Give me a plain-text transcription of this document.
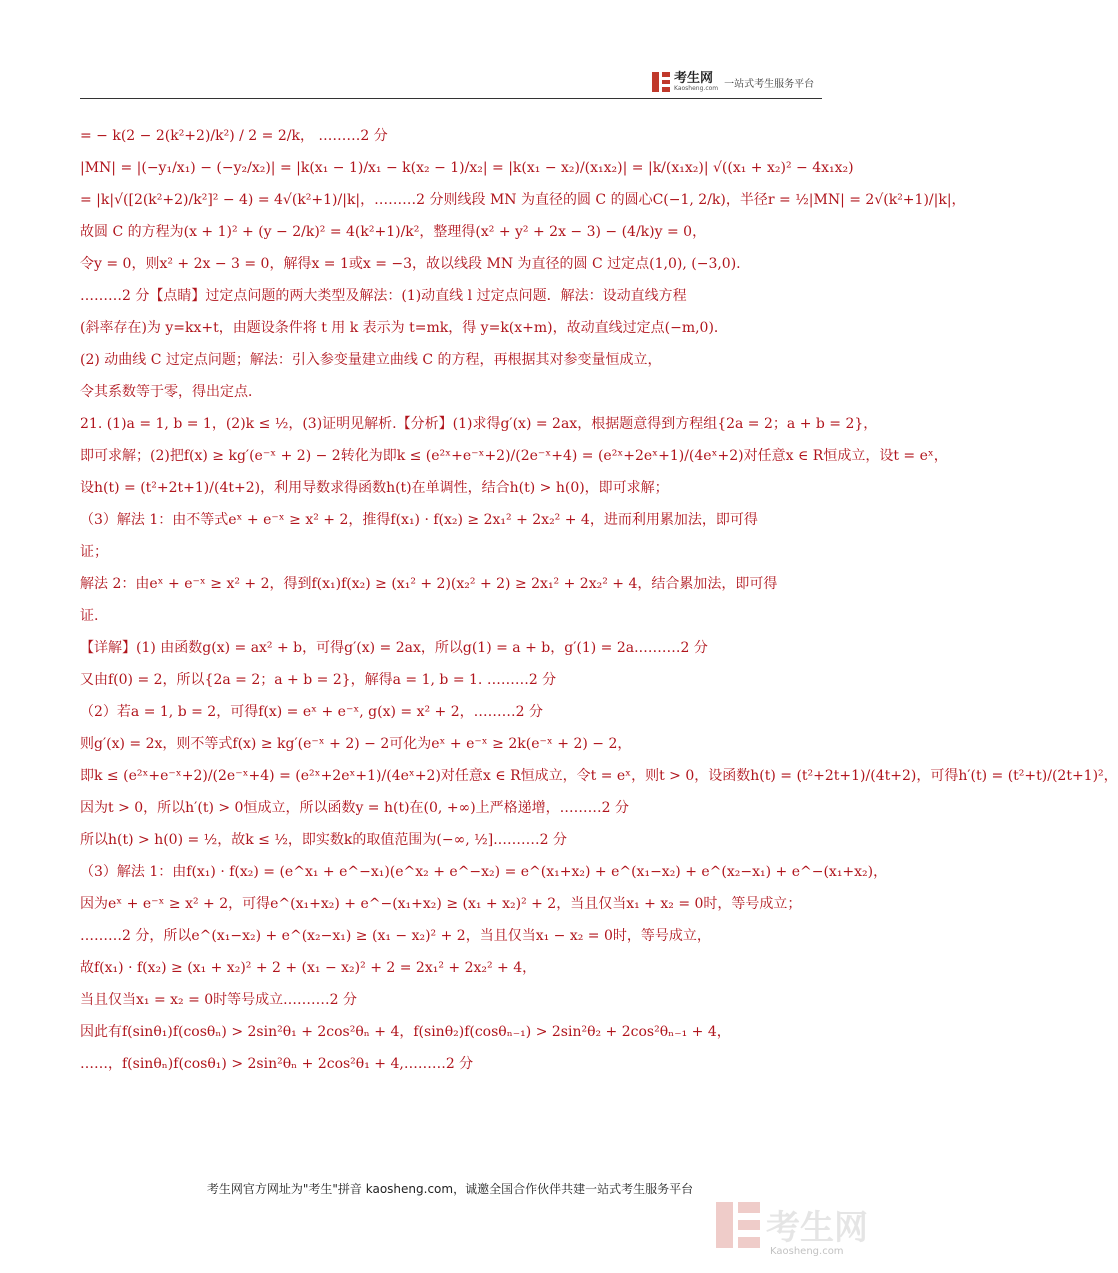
考生网
Kaosheng.com 一站式考生服务平台
= − k(2 − 2(k²+2)/k²) / 2 = 2/k， ………2 分
|MN| = |(−y₁/x₁) − (−y₂/x₂)| = |k(x₁ − 1)/x₁ − k(x₂ − 1)/x₂| = |k(x₁ − x₂)/(x₁x₂)| = |k/(x₁x₂)| √((x₁ + x₂)² − 4x₁x₂)
= |k|√([2(k²+2)/k²]² − 4) = 4√(k²+1)/|k|，………2 分则线段 MN 为直径的圆 C 的圆心C(−1, 2/k)，半径r = ½|MN| = 2√(k²+1)/|k|，
故圆 C 的方程为(x + 1)² + (y − 2/k)² = 4(k²+1)/k²，整理得(x² + y² + 2x − 3) − (4/k)y = 0，
令y = 0，则x² + 2x − 3 = 0，解得x = 1或x = −3，故以线段 MN 为直径的圆 C 过定点(1,0), (−3,0).
………2 分【点睛】过定点问题的两大类型及解法：(1)动直线 l 过定点问题．解法：设动直线方程
(斜率存在)为 y=kx+t，由题设条件将 t 用 k 表示为 t=mk，得 y=k(x+m)，故动直线过定点(−m,0)．
(2) 动曲线 C 过定点问题；解法：引入参变量建立曲线 C 的方程，再根据其对参变量恒成立，
令其系数等于零，得出定点．
21. (1)a = 1, b = 1，(2)k ≤ ½，(3)证明见解析.【分析】(1)求得g′(x) = 2ax，根据题意得到方程组{2a = 2；a + b = 2}，
即可求解；(2)把f(x) ≥ kg′(e⁻ˣ + 2) − 2转化为即k ≤ (e²ˣ+e⁻ˣ+2)/(2e⁻ˣ+4) = (e²ˣ+2eˣ+1)/(4eˣ+2)对任意x ∈ R恒成立，设t = eˣ，
设h(t) = (t²+2t+1)/(4t+2)，利用导数求得函数h(t)在单调性，结合h(t) > h(0)，即可求解；
（3）解法 1：由不等式eˣ + e⁻ˣ ≥ x² + 2，推得f(x₁) · f(x₂) ≥ 2x₁² + 2x₂² + 4，进而利用累加法，即可得
证；
解法 2：由eˣ + e⁻ˣ ≥ x² + 2，得到f(x₁)f(x₂) ≥ (x₁² + 2)(x₂² + 2) ≥ 2x₁² + 2x₂² + 4，结合累加法，即可得
证.
【详解】(1) 由函数g(x) = ax² + b，可得g′(x) = 2ax，所以g(1) = a + b，g′(1) = 2a.………2 分
又由f(0) = 2，所以{2a = 2；a + b = 2}，解得a = 1, b = 1. ………2 分
（2）若a = 1, b = 2，可得f(x) = eˣ + e⁻ˣ, g(x) = x² + 2，………2 分
则g′(x) = 2x，则不等式f(x) ≥ kg′(e⁻ˣ + 2) − 2可化为eˣ + e⁻ˣ ≥ 2k(e⁻ˣ + 2) − 2，
即k ≤ (e²ˣ+e⁻ˣ+2)/(2e⁻ˣ+4) = (e²ˣ+2eˣ+1)/(4eˣ+2)对任意x ∈ R恒成立，令t = eˣ，则t > 0，设函数h(t) = (t²+2t+1)/(4t+2)，可得h′(t) = (t²+t)/(2t+1)²，
因为t > 0，所以h′(t) > 0恒成立，所以函数y = h(t)在(0, +∞)上严格递增，………2 分
所以h(t) > h(0) = ½，故k ≤ ½，即实数k的取值范围为(−∞, ½].………2 分
（3）解法 1：由f(x₁) · f(x₂) = (e^x₁ + e^−x₁)(e^x₂ + e^−x₂) = e^(x₁+x₂) + e^(x₁−x₂) + e^(x₂−x₁) + e^−(x₁+x₂)，
因为eˣ + e⁻ˣ ≥ x² + 2，可得e^(x₁+x₂) + e^−(x₁+x₂) ≥ (x₁ + x₂)² + 2，当且仅当x₁ + x₂ = 0时，等号成立；
………2 分，所以e^(x₁−x₂) + e^(x₂−x₁) ≥ (x₁ − x₂)² + 2，当且仅当x₁ − x₂ = 0时，等号成立，
故f(x₁) · f(x₂) ≥ (x₁ + x₂)² + 2 + (x₁ − x₂)² + 2 = 2x₁² + 2x₂² + 4，
当且仅当x₁ = x₂ = 0时等号成立.………2 分
因此有f(sinθ₁)f(cosθₙ) > 2sin²θ₁ + 2cos²θₙ + 4，f(sinθ₂)f(cosθₙ₋₁) > 2sin²θ₂ + 2cos²θₙ₋₁ + 4，
……，f(sinθₙ)f(cosθ₁) > 2sin²θₙ + 2cos²θ₁ + 4,………2 分
考生网官方网址为"考生"拼音 kaosheng.com，诚邀全国合作伙伴共建一站式考生服务平台
考生网
Kaosheng.com
